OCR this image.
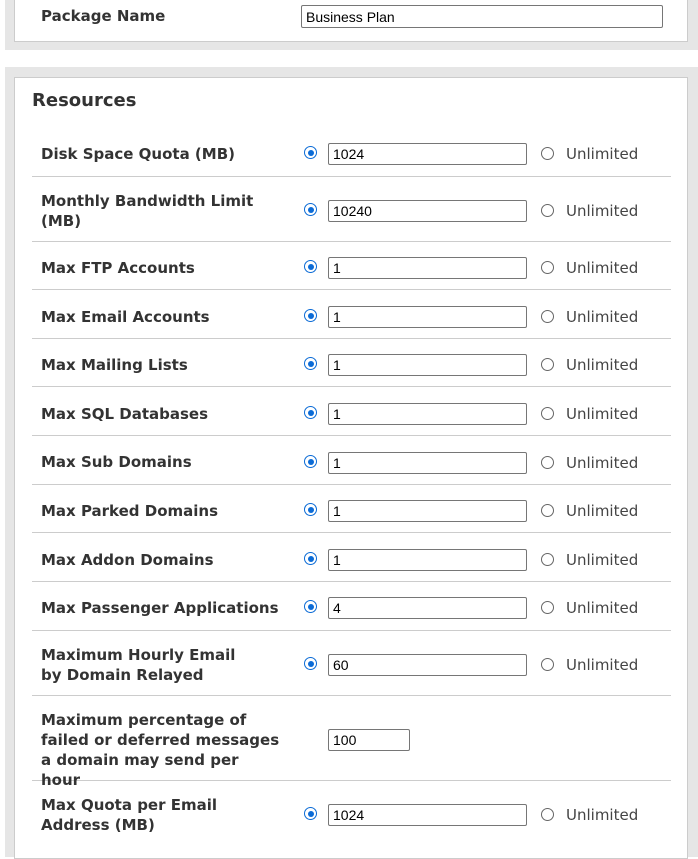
Package Name
Business Plan
Resources
Disk Space Quota (MB)
1024	Unlimited
Monthly Bandwidth Limit (MB)
10240
Unlimited
Max FTP Accounts
1	Unlimited
Max Email Accounts
1	Unlimited
Max Mailing Lists
1	Unlimited
Max SQL Databases
1	Unlimited
Max Sub Domains
1	Unlimited
Max Parked Domains
1	Unlimited
Max Addon Domains
1	Unlimited
Max Passenger Applications
4	Unlimited
Maximum Hourly Email by Domain Relayed
60
Unlimited
Maximum percentage of failed or deferred messages a domain may send per hour
100
Max Quota per Email Address (MB)
1024
Unlimited
